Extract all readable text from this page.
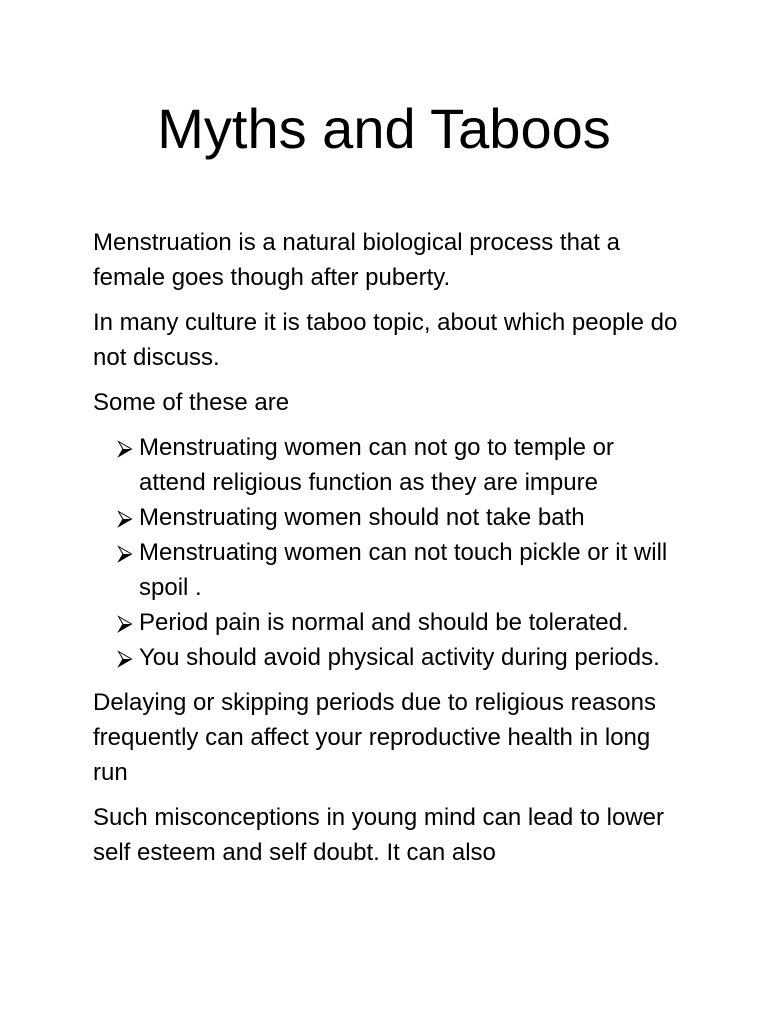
Myths and Taboos

Menstruation is a natural biological process that a female goes though after puberty.

In many culture it is taboo topic, about which people do not discuss.

Some of these are

⮚ Menstruating women can not go to temple or attend religious function as they are impure
⮚ Menstruating women should not take bath
⮚ Menstruating women can not touch pickle or it will spoil .
⮚ Period pain is normal and should be tolerated.
⮚ You should avoid physical activity during periods.

Delaying or skipping periods due to religious reasons frequently can affect your reproductive health in long run

Such misconceptions in young mind can lead to lower self esteem and self doubt. It can also
